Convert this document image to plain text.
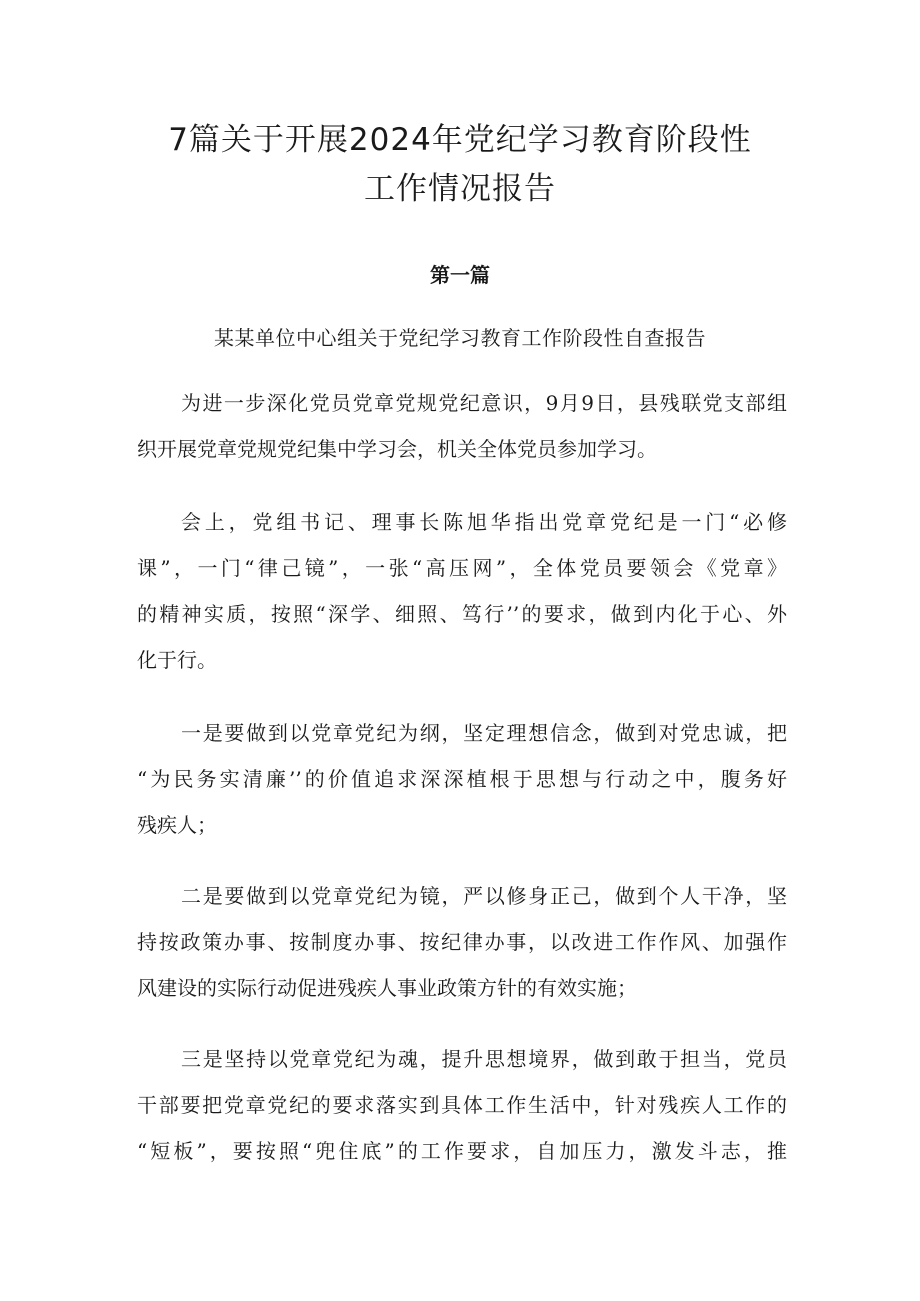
7篇关于开展2024年党纪学习教育阶段性
工作情况报告
第一篇
某某单位中心组关于党纪学习教育工作阶段性自查报告
为进一步深化党员党章党规党纪意识，9月9日，县残联党支部组
织开展党章党规党纪集中学习会，机关全体党员参加学习。
会上，党组书记、理事长陈旭华指出党章党纪是一门“必修
课”，一门“律己镜”，一张“高压网”，全体党员要领会《党章》
的精神实质，按照“深学、细照、笃行’’的要求，做到内化于心、外
化于行。
一是要做到以党章党纪为纲，坚定理想信念，做到对党忠诚，把
“为民务实清廉’’的价值追求深深植根于思想与行动之中，腹务好
残疾人；
二是要做到以党章党纪为镜，严以修身正己，做到个人干净，坚
持按政策办事、按制度办事、按纪律办事，以改进工作作风、加强作
风建设的实际行动促进残疾人事业政策方针的有效实施；
三是坚持以党章党纪为魂，提升思想境界，做到敢于担当，党员
干部要把党章党纪的要求落实到具体工作生活中，针对残疾人工作的
“短板”，要按照“兜住底”的工作要求，自加压力，激发斗志，推
